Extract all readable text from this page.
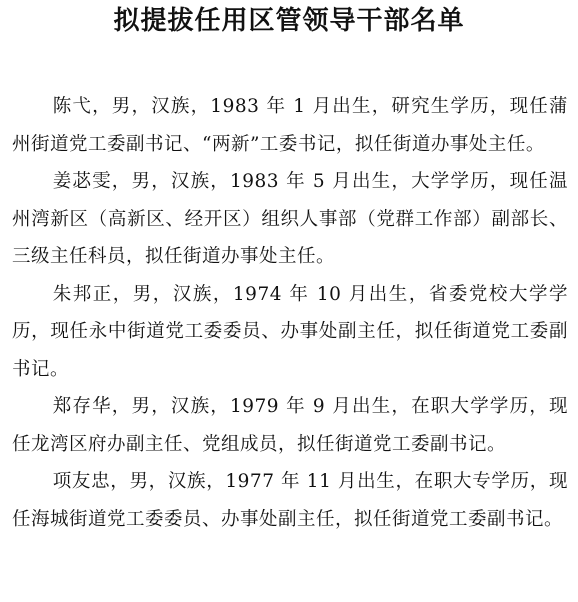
拟提拔任用区管领导干部名单

陈弋，男，汉族，1983 年 1 月出生，研究生学历，现任蒲州街道党工委副书记、“两新”工委书记，拟任街道办事处主任。

姜苾雯，男，汉族，1983 年 5 月出生，大学学历，现任温州湾新区（高新区、经开区）组织人事部（党群工作部）副部长、三级主任科员，拟任街道办事处主任。

朱邦正，男，汉族，1974 年 10 月出生，省委党校大学学历，现任永中街道党工委委员、办事处副主任，拟任街道党工委副书记。

郑存华，男，汉族，1979 年 9 月出生，在职大学学历，现任龙湾区府办副主任、党组成员，拟任街道党工委副书记。

项友忠，男，汉族，1977 年 11 月出生，在职大专学历，现任海城街道党工委委员、办事处副主任，拟任街道党工委副书记。
